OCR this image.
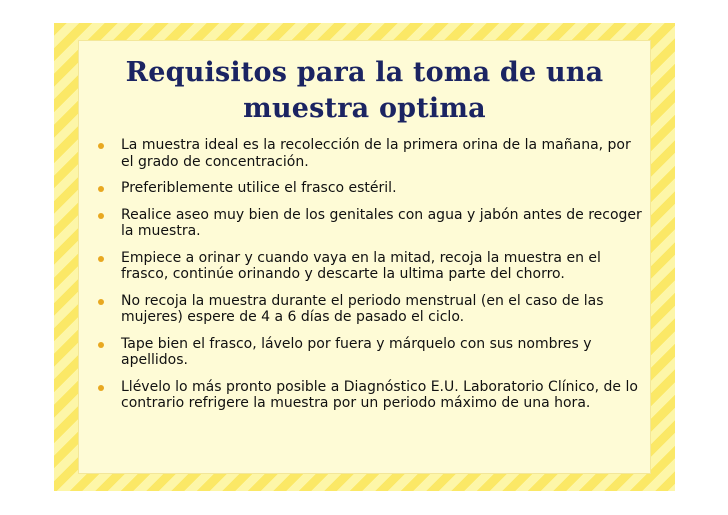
Requisitos para la toma de una
muestra optima
La muestra ideal es la recolección de la primera orina de la mañana, por el grado de concentración.
Preferiblemente utilice el frasco estéril.
Realice aseo muy bien de los genitales con agua y jabón antes de recoger la muestra.
Empiece a orinar y cuando vaya en la mitad, recoja la muestra en el frasco, continúe orinando y descarte la ultima parte del chorro.
No recoja la muestra durante el periodo menstrual (en el caso de las mujeres) espere de 4 a 6 días de pasado el ciclo.
Tape bien el frasco, lávelo por fuera y márquelo con sus nombres y apellidos.
Llévelo lo más pronto posible a Diagnóstico E.U. Laboratorio Clínico, de lo contrario refrigere la muestra por un periodo máximo de una hora.
